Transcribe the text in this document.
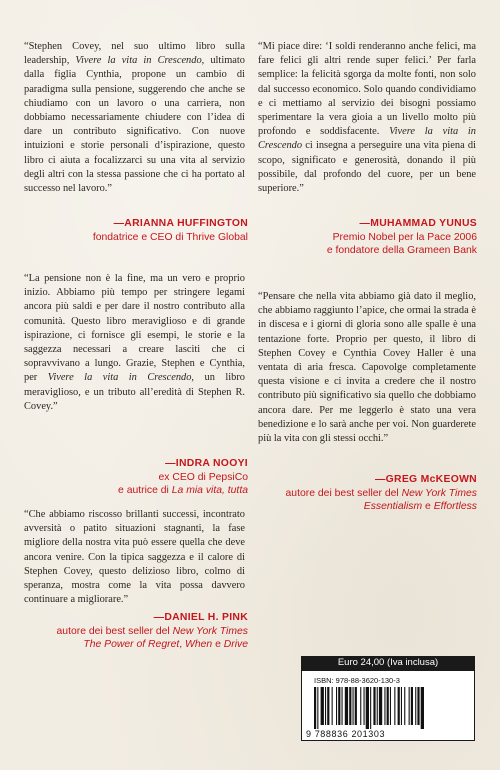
“Stephen Covey, nel suo ultimo libro sulla leadership, Vivere la vita in Crescendo, ultimato dalla figlia Cynthia, propone un cambio di paradigma sulla pensione, suggerendo che anche se chiudiamo con un lavoro o una carriera, non dobbiamo necessariamente chiudere con l’idea di dare un contributo significativo. Con nuove intuizioni e storie personali d’ispirazione, questo libro ci aiuta a focalizzarci su una vita al servizio degli altri con la stessa passione che ci ha portato al successo nel lavoro.”
—ARIANNA HUFFINGTON
fondatrice e CEO di Thrive Global
“Mi piace dire: ‘I soldi renderanno anche felici, ma fare felici gli altri rende super felici.’ Per farla semplice: la felicità sgorga da molte fonti, non solo dal successo economico. Solo quando condividiamo e ci mettiamo al servizio dei bisogni possiamo sperimentare la vera gioia a un livello molto più profondo e soddisfacente. Vivere la vita in Crescendo ci insegna a perseguire una vita piena di scopo, significato e generosità, donando il più possibile, dal profondo del cuore, per un bene superiore.”
—MUHAMMAD YUNUS
Premio Nobel per la Pace 2006
e fondatore della Grameen Bank
“La pensione non è la fine, ma un vero e proprio inizio. Abbiamo più tempo per stringere legami ancora più saldi e per dare il nostro contributo alla comunità. Questo libro meraviglioso e di grande ispirazione, ci fornisce gli esempi, le storie e la saggezza necessari a creare lasciti che ci sopravvivano a lungo. Grazie, Stephen e Cynthia, per Vivere la vita in Crescendo, un libro meraviglioso, e un tributo all’eredità di Stephen R. Covey.”
—INDRA NOOYI
ex CEO di PepsiCo
e autrice di La mia vita, tutta
“Pensare che nella vita abbiamo già dato il meglio, che abbiamo raggiunto l’apice, che ormai la strada è in discesa e i giorni di gloria sono alle spalle è una tentazione forte. Proprio per questo, il libro di Stephen Covey e Cynthia Covey Haller è una ventata di aria fresca. Capovolge completamente questa visione e ci invita a credere che il nostro contributo più significativo sia quello che dobbiamo ancora dare. Per me leggerlo è stato una vera benedizione e lo sarà anche per voi. Non guarderete più la vita con gli stessi occhi.”
—GREG McKEOWN
autore dei best seller del New York Times
Essentialism e Effortless
“Che abbiamo riscosso brillanti successi, incontrato avversità o patito situazioni stagnanti, la fase migliore della nostra vita può essere quella che deve ancora venire. Con la tipica saggezza e il calore di Stephen Covey, questo delizioso libro, colmo di speranza, mostra come la vita possa davvero continuare a migliorare.”
—DANIEL H. PINK
autore dei best seller del New York Times
The Power of Regret, When e Drive
Euro 24,00 (Iva inclusa)
ISBN: 978-88-3620-130-3
9 788836 201303
